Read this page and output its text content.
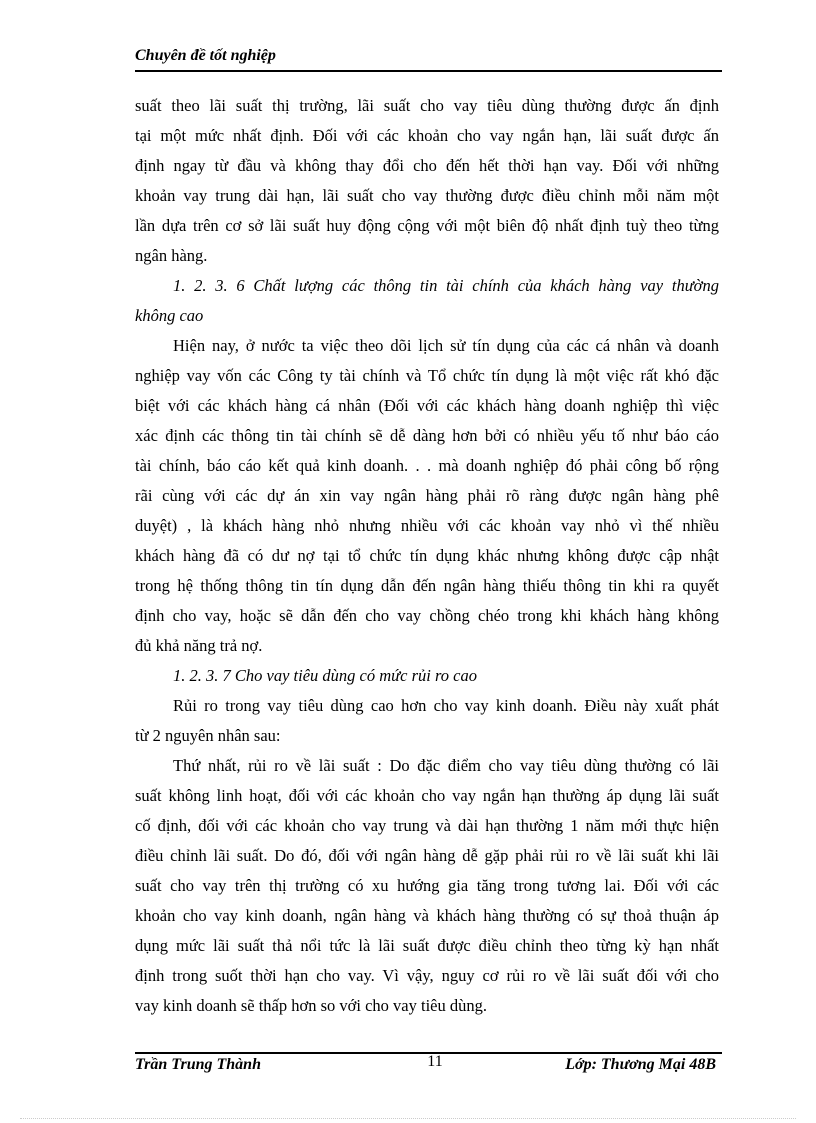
Chuyên đề tốt nghiệp
suất theo lãi suất thị trường, lãi suất cho vay tiêu dùng thường được ấn định
tại một mức nhất định. Đối với các khoản cho vay ngắn hạn, lãi suất được ấn
định ngay từ đầu và không thay đổi cho đến hết thời hạn vay. Đối với những
khoản vay trung dài hạn, lãi suất cho vay thường được điều chỉnh mỗi năm một
lần dựa trên cơ sở lãi suất huy động cộng với một biên độ nhất định tuỳ theo từng
ngân hàng.
1. 2. 3. 6 Chất lượng các thông tin tài chính của khách hàng vay thường
không cao
Hiện nay, ở nước ta việc theo dõi lịch sử tín dụng của các cá nhân và doanh
nghiệp vay vốn các Công ty tài chính và Tổ chức tín dụng là một việc rất khó đặc
biệt với các khách hàng cá nhân (Đối với các khách hàng doanh nghiệp thì việc
xác định các thông tin tài chính sẽ dễ dàng hơn bởi có nhiều yếu tố như báo cáo
tài chính, báo cáo kết quả kinh doanh. . . mà doanh nghiệp đó phải công bố rộng
rãi cùng với các dự án xin vay ngân hàng phải rõ ràng được ngân hàng phê
duyệt) , là khách hàng nhỏ nhưng nhiều với các khoản vay nhỏ vì thế nhiều
khách hàng đã có dư nợ tại tổ chức tín dụng khác nhưng không được cập nhật
trong hệ thống thông tin tín dụng dẫn đến ngân hàng thiếu thông tin khi ra quyết
định cho vay, hoặc sẽ dẫn đến cho vay chồng chéo trong khi khách hàng không
đủ khả năng trả nợ.
1. 2. 3. 7 Cho vay tiêu dùng có mức rủi ro cao
Rủi ro trong vay tiêu dùng cao hơn cho vay kinh doanh. Điều này xuất phát
từ 2 nguyên nhân sau:
Thứ nhất, rủi ro về lãi suất : Do đặc điểm cho vay tiêu dùng thường có lãi
suất không linh hoạt, đối với các khoản cho vay ngắn hạn thường áp dụng lãi suất
cố định, đối với các khoản cho vay trung và dài hạn thường 1 năm mới thực hiện
điều chỉnh lãi suất. Do đó, đối với ngân hàng dễ gặp phải rủi ro về lãi suất khi lãi
suất cho vay trên thị trường có xu hướng gia tăng trong tương lai. Đối với các
khoản cho vay kinh doanh, ngân hàng và khách hàng thường có sự thoả thuận áp
dụng mức lãi suất thả nổi tức là lãi suất được điều chỉnh theo từng kỳ hạn nhất
định trong suốt thời hạn cho vay. Vì vậy, nguy cơ rủi ro về lãi suất đối với cho
vay kinh doanh sẽ thấp hơn so với cho vay tiêu dùng.
Trần Trung Thành	11	Lớp: Thương Mại 48B
